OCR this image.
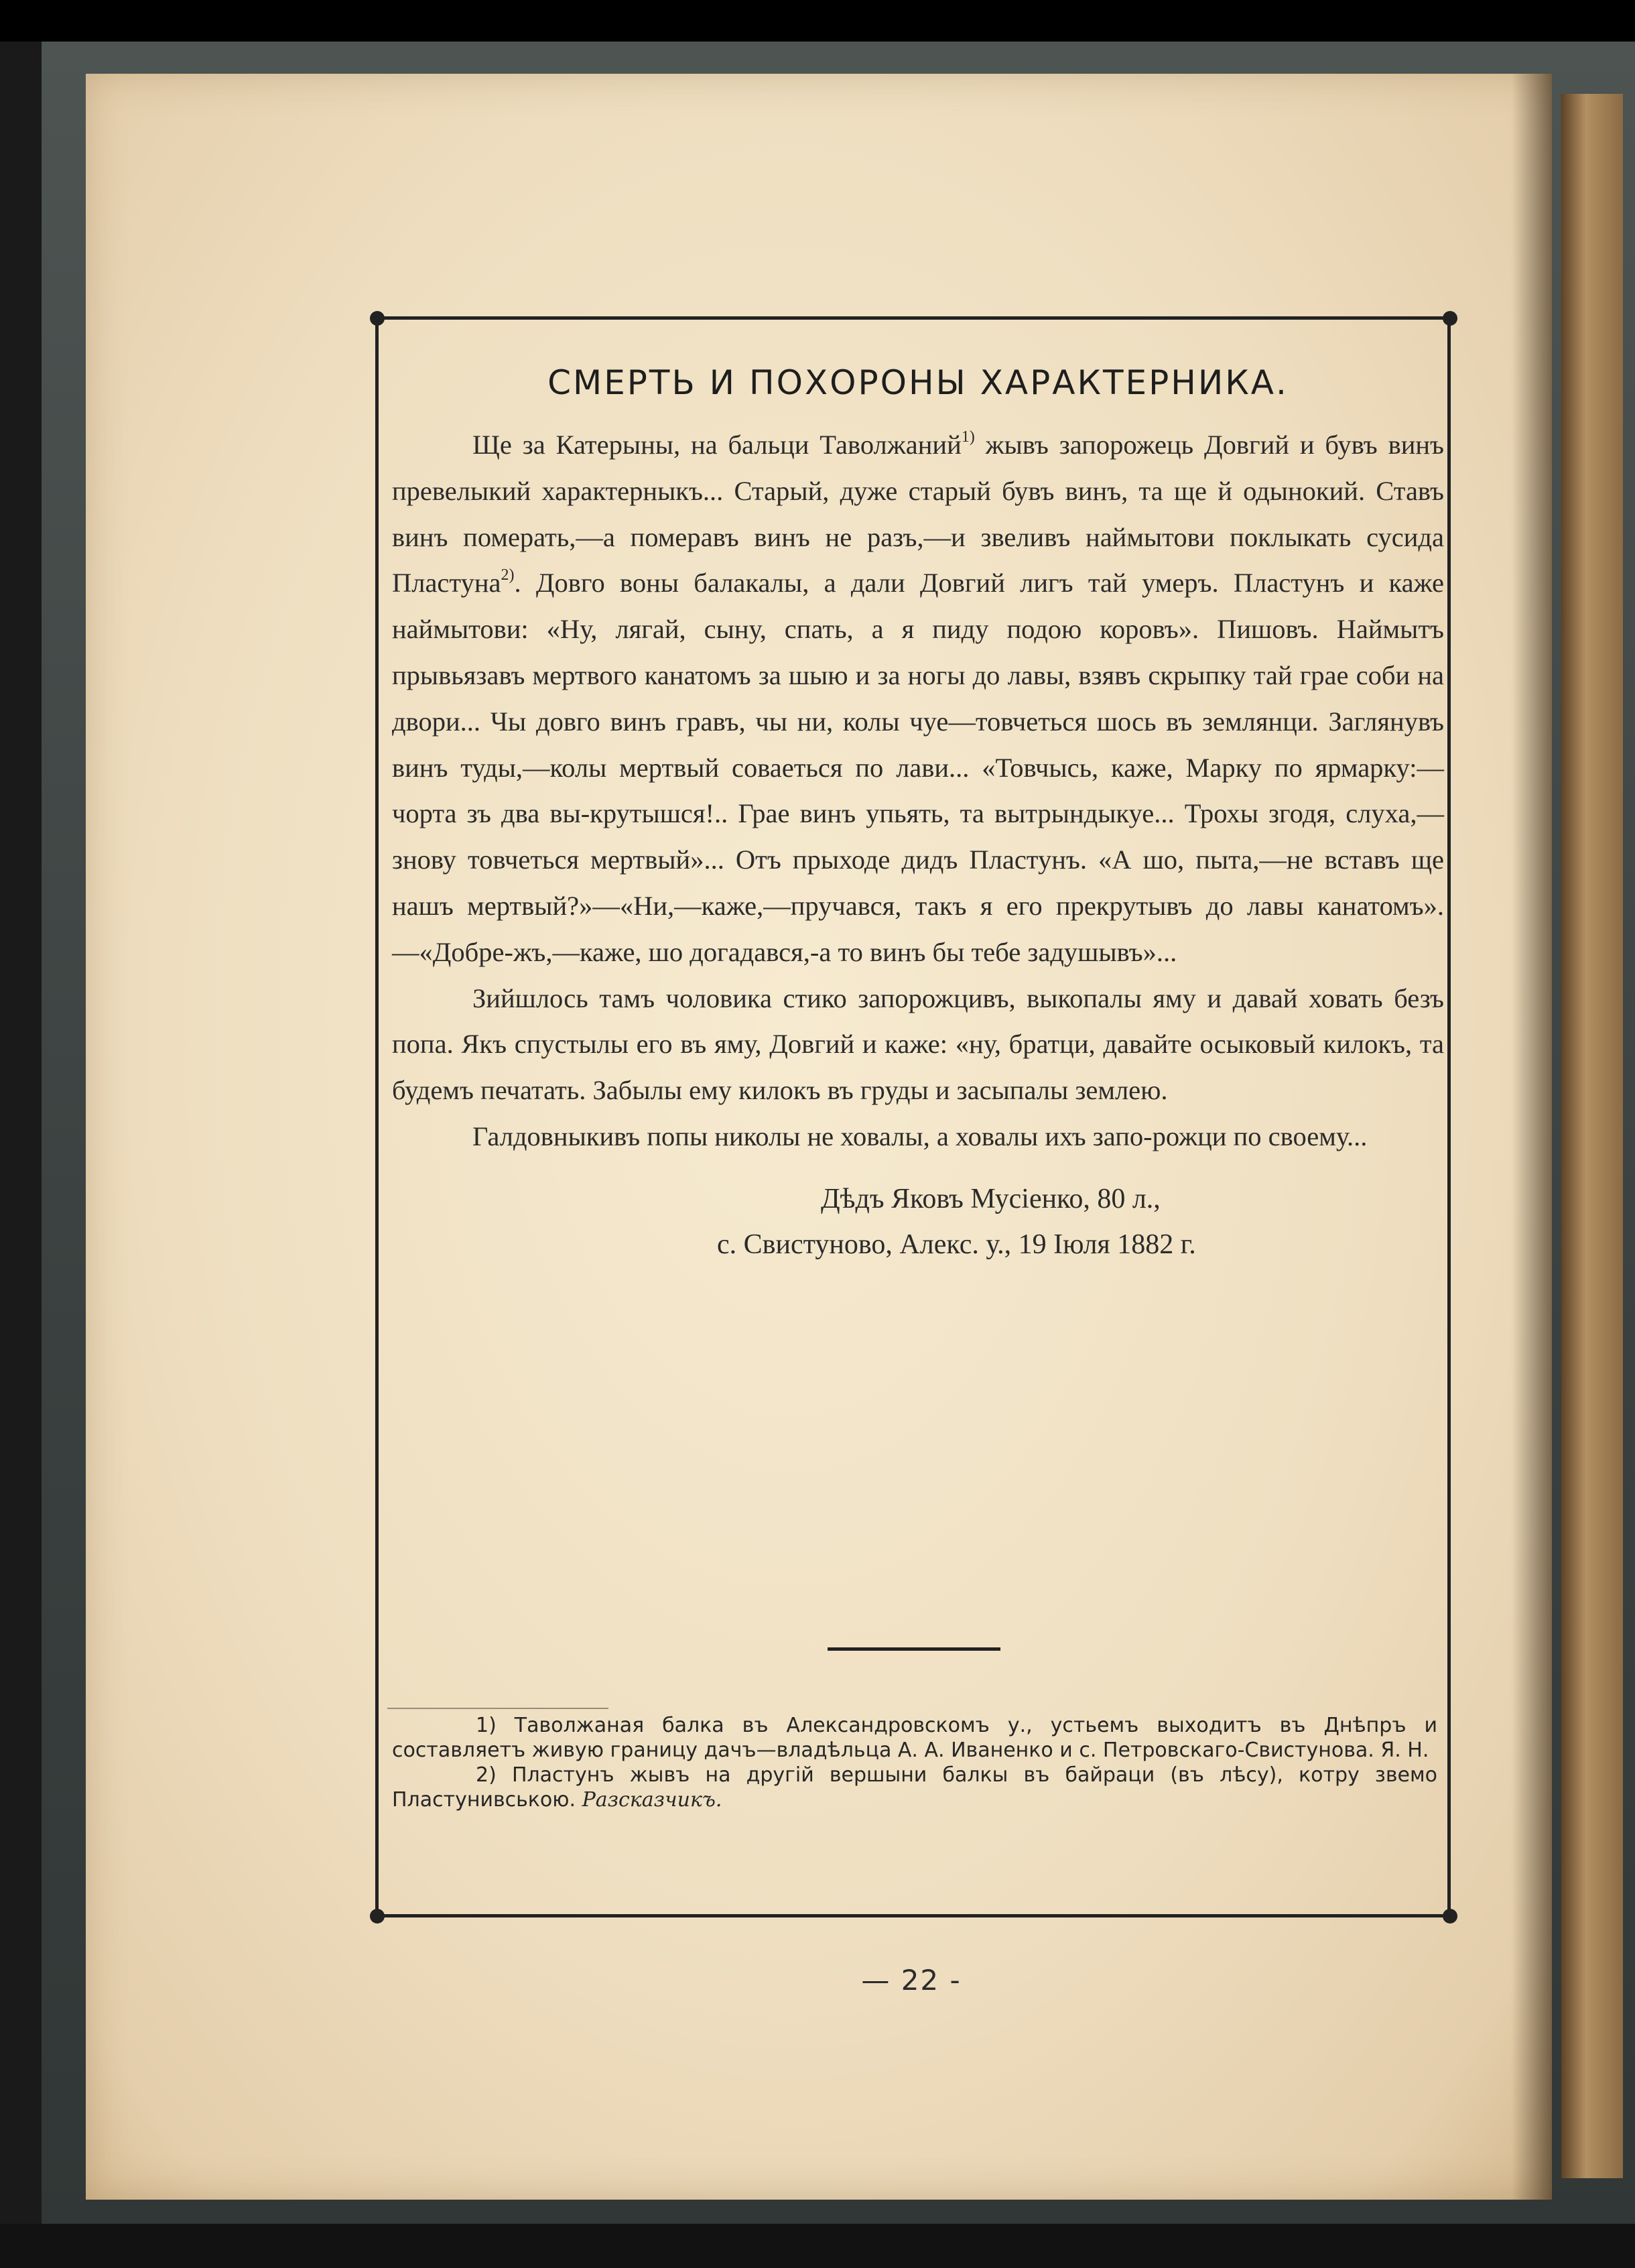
СМЕРТЬ И ПОХОРОНЫ ХАРАКТЕРНИКА.

Ще за Катерыны, на бальци Таволжаний$^{1)}$ жывъ запорожець Довгий и бувъ винъ превелыкий характерныкъ... Старый, дуже старый бувъ винъ, та ще й одынокий. Ставъ винъ померать,—а померавъ винъ не разъ,—и звеливъ наймытови поклыкать сусида Пластуна$^{2)}$. Довго воны балакалы, а дали Довгий лигъ тай умеръ. Пластунъ и каже наймытови: «Ну, лягай, сыну, спать, а я пиду подою коровъ». Пишовъ. Наймытъ прывьязавъ мертвого канатомъ за шыю и за ногы до лавы, взявъ скрыпку тай грае соби на двори... Чы довго винъ гравъ, чы ни, колы чуе—товчеться шось въ землянци. Заглянувъ винъ туды,—колы мертвый соваеться по лави... «Товчысь, каже, Марку по ярмарку:—чорта зъ два вы-крутышся!.. Грае винъ упьять, та вытрындыкуе... Трохы згодя, слуха,—знову товчеться мертвый»... Отъ прыходе дидъ Пластунъ. «А шо, пыта,—не вставъ ще нашъ мертвый?»—«Ни,—каже,—пручався, такъ я его прекрутывъ до лавы канатомъ».—«Добре-жъ,—каже, шо догадався,-а то винъ бы тебе задушывъ»...

Зийшлось тамъ чоловика стико запорожцивъ, выкопалы яму и давай ховать безъ попа. Якъ спустылы его въ яму, Довгий и каже: «ну, братци, давайте осыковый килокъ, та будемъ печатать. Забылы ему килокъ въ груды и засыпалы землею.

Галдовныкивъ попы николы не ховалы, а ховалы ихъ запо-рожци по своему...

Дѣдъ Яковъ Мусiенко, 80 л.,
с. Свистуново, Алекс. у., 19 Iюля 1882 г.

1) Таволжаная балка въ Александровскомъ у., устьемъ выходитъ въ Днѣпръ и составляетъ живую границу дачъ—владѣльца А. А. Иваненко и с. Петровскаго-Свистунова. Я. Н.

2) Пластунъ жывъ на другiй вершыни балкы въ байраци (въ лѣсу), котру звемо Пластунивською. Разсказчикъ.

— 22 -
